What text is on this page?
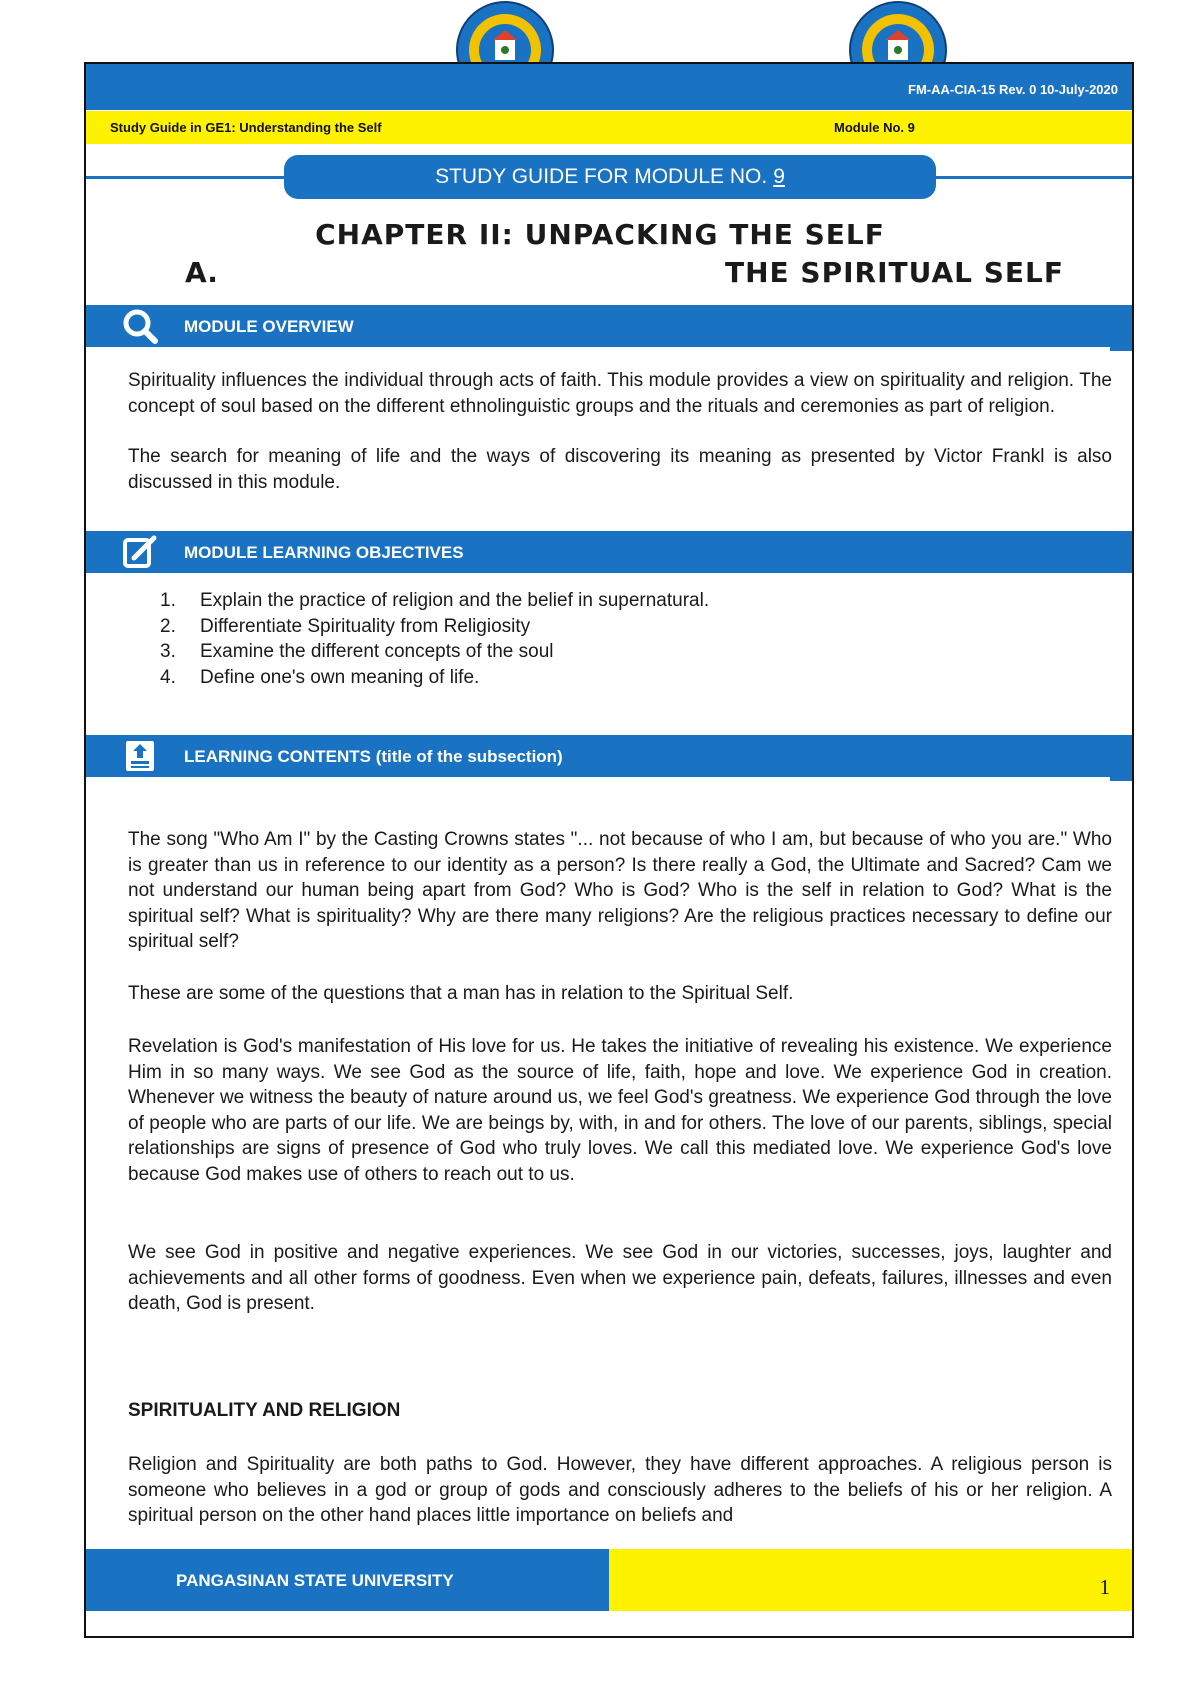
FM-AA-CIA-15 Rev. 0 10-July-2020
Study Guide in GE1: Understanding the Self	Module No. 9
STUDY GUIDE FOR MODULE NO. 9
CHAPTER II: UNPACKING THE SELF
A.	THE SPIRITUAL SELF
MODULE OVERVIEW

Spirituality influences the individual through acts of faith. This module provides a view on spirituality and religion. The concept of soul based on the different ethnolinguistic groups and the rituals and ceremonies as part of religion.

The search for meaning of life and the ways of discovering its meaning as presented by Victor Frankl is also discussed in this module.

MODULE LEARNING OBJECTIVES
1.	Explain the practice of religion and the belief in supernatural.
2.	Differentiate Spirituality from Religiosity
3.	Examine the different concepts of the soul
4.	Define one's own meaning of life.
LEARNING CONTENTS (title of the subsection)

The song "Who Am I" by the Casting Crowns states "... not because of who I am, but because of who you are." Who is greater than us in reference to our identity as a person? Is there really a God, the Ultimate and Sacred? Cam we not understand our human being apart from God? Who is God? Who is the self in relation to God? What is the spiritual self? What is spirituality? Why are there many religions? Are the religious practices necessary to define our spiritual self?

These are some of the questions that a man has in relation to the Spiritual Self.

Revelation is God's manifestation of His love for us. He takes the initiative of revealing his existence. We experience Him in so many ways. We see God as the source of life, faith, hope and love. We experience God in creation. Whenever we witness the beauty of nature around us, we feel God's greatness. We experience God through the love of people who are parts of our life. We are beings by, with, in and for others. The love of our parents, siblings, special relationships are signs of presence of God who truly loves. We call this mediated love. We experience God's love because God makes use of others to reach out to us.

We see God in positive and negative experiences. We see God in our victories, successes, joys, laughter and achievements and all other forms of goodness. Even when we experience pain, defeats, failures, illnesses and even death, God is present.

SPIRITUALITY AND RELIGION

Religion and Spirituality are both paths to God. However, they have different approaches. A religious person is someone who believes in a god or group of gods and consciously adheres to the beliefs of his or her religion. A spiritual person on the other hand places little importance on beliefs and

PANGASINAN STATE UNIVERSITY	1
